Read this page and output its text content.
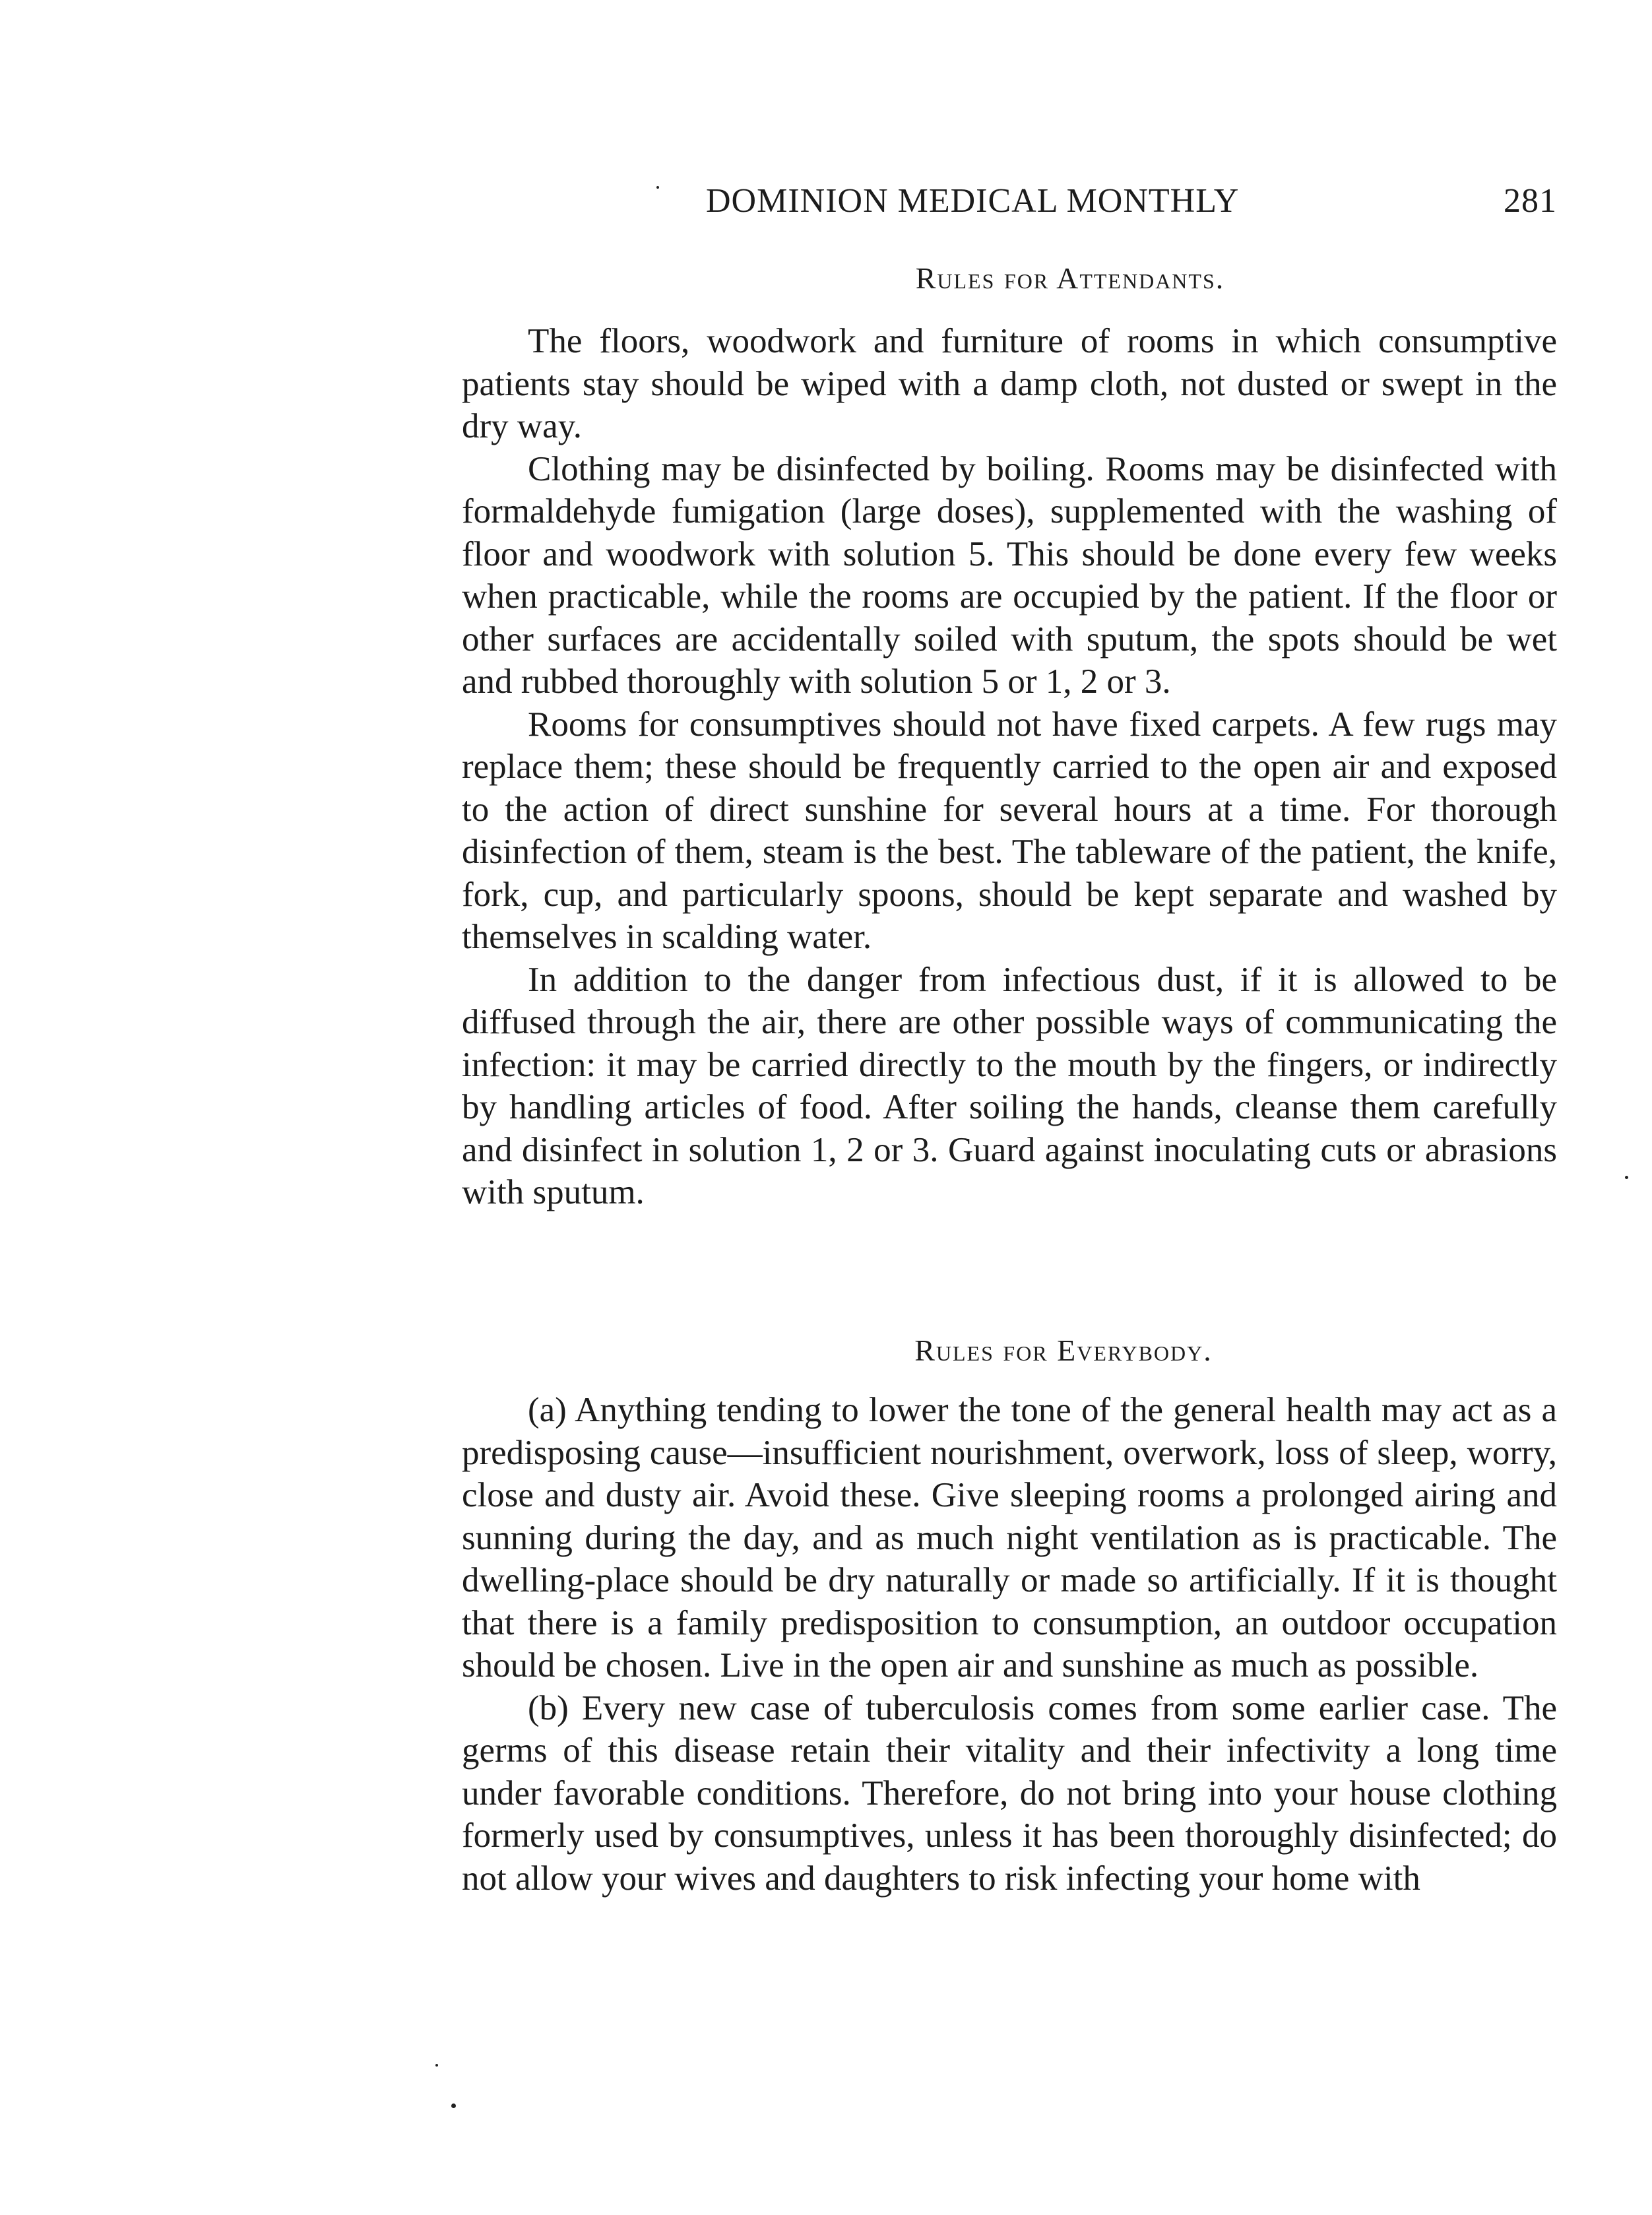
DOMINION MEDICAL MONTHLY	281
Rules for Attendants.

The floors, woodwork and furniture of rooms in which consumptive patients stay should be wiped with a damp cloth, not dusted or swept in the dry way.

Clothing may be disinfected by boiling. Rooms may be disinfected with formaldehyde fumigation (large doses), supplemented with the washing of floor and woodwork with solution 5. This should be done every few weeks when practicable, while the rooms are occupied by the patient. If the floor or other surfaces are accidentally soiled with sputum, the spots should be wet and rubbed thoroughly with solution 5 or 1, 2 or 3.

Rooms for consumptives should not have fixed carpets. A few rugs may replace them; these should be frequently carried to the open air and exposed to the action of direct sunshine for several hours at a time. For thorough disinfection of them, steam is the best. The tableware of the patient, the knife, fork, cup, and particularly spoons, should be kept separate and washed by themselves in scalding water.

In addition to the danger from infectious dust, if it is allowed to be diffused through the air, there are other possible ways of communicating the infection: it may be carried directly to the mouth by the fingers, or indirectly by handling articles of food. After soiling the hands, cleanse them carefully and disinfect in solution 1, 2 or 3. Guard against inoculating cuts or abrasions with sputum.

Rules for Everybody.

(a) Anything tending to lower the tone of the general health may act as a predisposing cause—insufficient nourishment, overwork, loss of sleep, worry, close and dusty air. Avoid these. Give sleeping rooms a prolonged airing and sunning during the day, and as much night ventilation as is practicable. The dwelling-place should be dry naturally or made so artificially. If it is thought that there is a family predisposition to consumption, an outdoor occupation should be chosen. Live in the open air and sunshine as much as possible.

(b) Every new case of tuberculosis comes from some earlier case. The germs of this disease retain their vitality and their infectivity a long time under favorable conditions. Therefore, do not bring into your house clothing formerly used by consumptives, unless it has been thoroughly disinfected; do not allow your wives and daughters to risk infecting your home with
